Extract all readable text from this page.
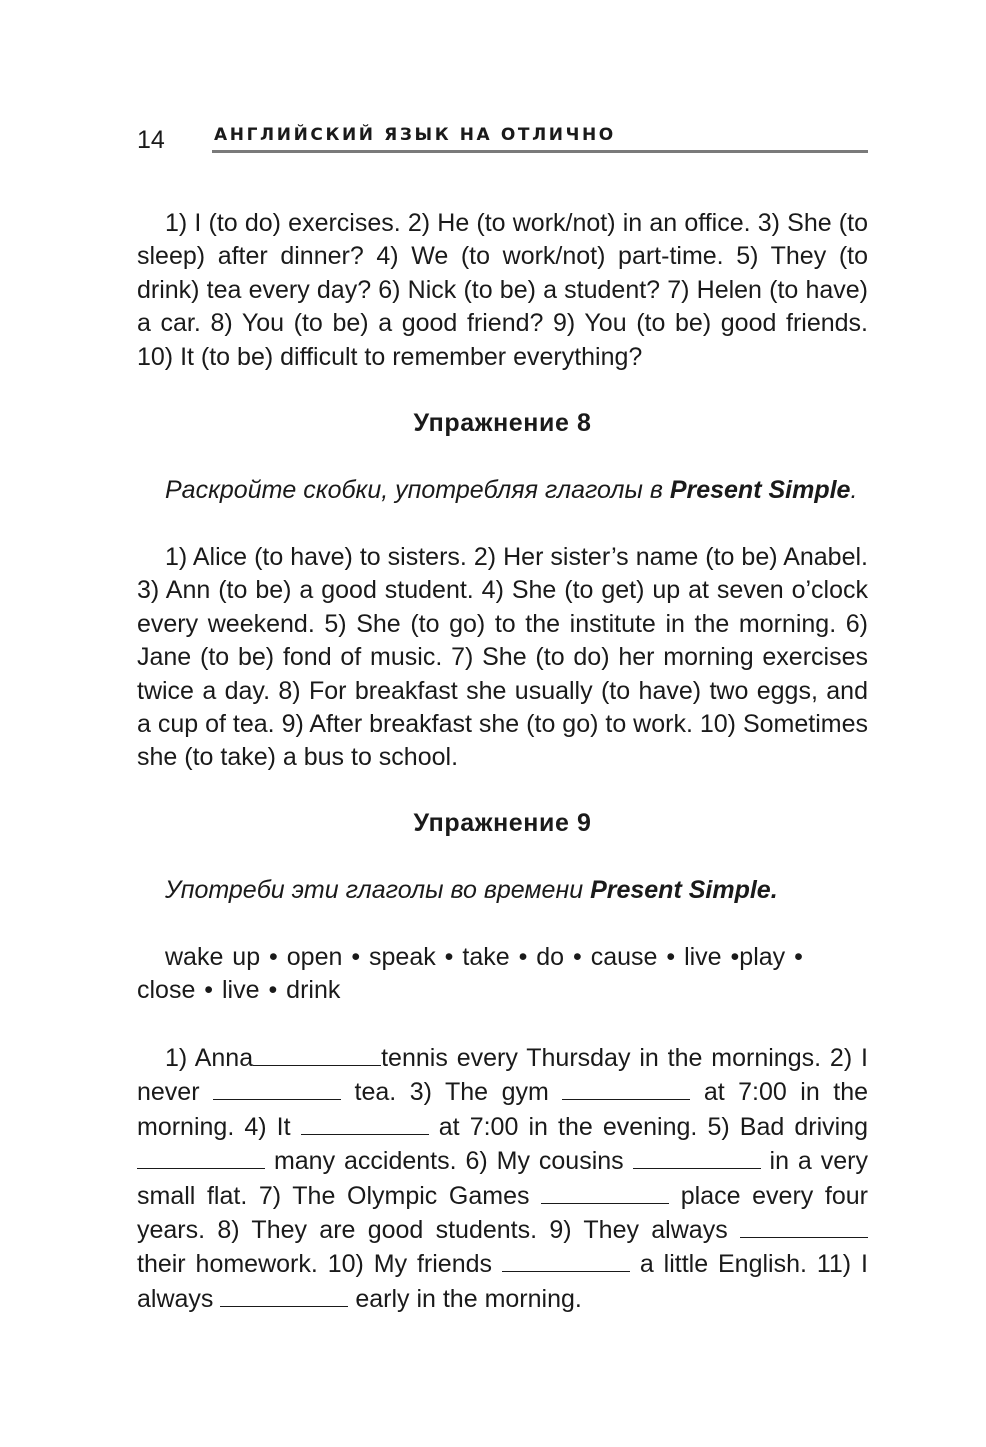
14	АНГЛИЙСКИЙ ЯЗЫК НА ОТЛИЧНО
1) I (to do) exercises. 2) He (to work/not) in an office. 3) She (to sleep) after dinner? 4) We (to work/not) part-time. 5) They (to drink) tea every day? 6) Nick (to be) a student? 7) Helen (to have) a car. 8) You (to be) a good friend? 9) You (to be) good friends. 10) It (to be) difficult to remember everything?
Упражнение 8
Раскройте скобки, употребляя глаголы в Present Simple.
1) Alice (to have) to sisters. 2) Her sister’s name (to be) Anabel. 3) Ann (to be) a good student. 4) She (to get) up at seven o’clock every weekend. 5) She (to go) to the institute in the morning. 6) Jane (to be) fond of music. 7) She (to do) her morning exercises twice a day. 8) For breakfast she usually (to have) two eggs, and a cup of tea. 9) After breakfast she (to go) to work. 10) Sometimes she (to take) a bus to school.
Упражнение 9
Употреби эти глаголы во времени Present Simple.
wake up • open • speak • take • do • cause • live •play • close • live • drink
1) Anna	tennis every Thursday in the mornings. 2) I never	tea. 3) The gym	at 7:00 in the morning. 4) It	at 7:00 in the evening. 5) Bad driving  many accidents. 6) My cousins	in a very small flat. 7) The Olympic Games	place every four years. 8) They are good students. 9) They always  their homework. 10) My friends	a little English. 11) I always	early in the morning.
